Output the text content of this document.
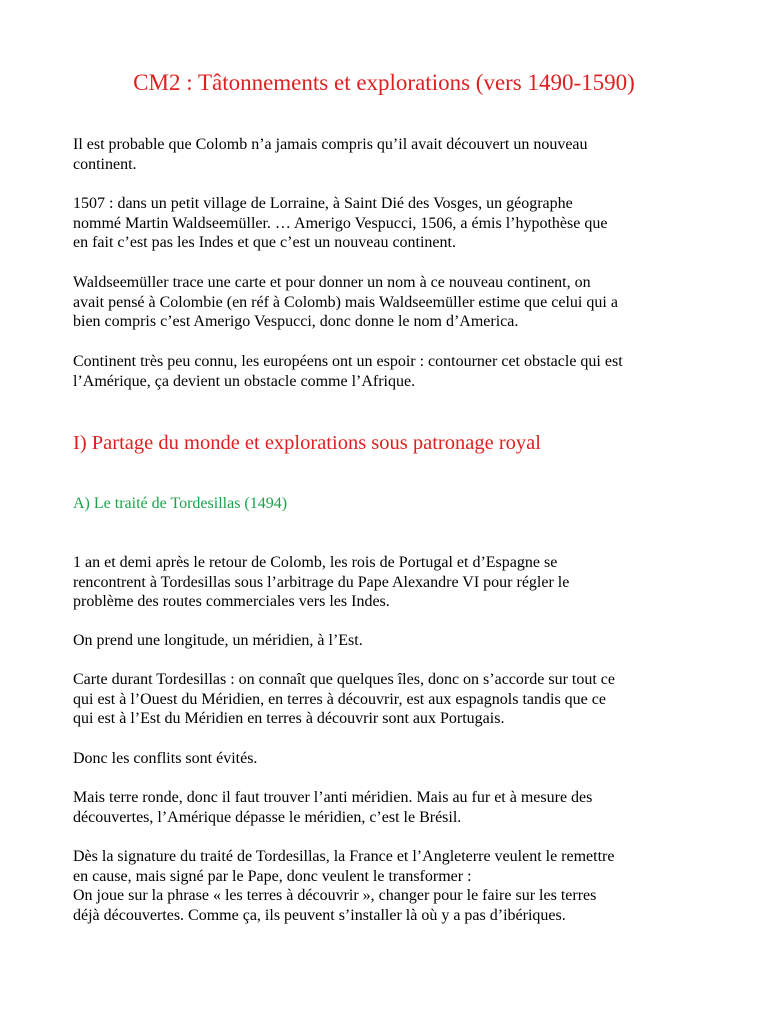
CM2 : Tâtonnements et explorations (vers 1490-1590)
Il est probable que Colomb n’a jamais compris qu’il avait découvert un nouveau
continent.
1507 : dans un petit village de Lorraine, à Saint Dié des Vosges, un géographe
nommé Martin Waldseemüller. … Amerigo Vespucci, 1506, a émis l’hypothèse que
en fait c’est pas les Indes et que c’est un nouveau continent.
Waldseemüller trace une carte et pour donner un nom à ce nouveau continent, on
avait pensé à Colombie (en réf à Colomb) mais Waldseemüller estime que celui qui a
bien compris c’est Amerigo Vespucci, donc donne le nom d’America.
Continent très peu connu, les européens ont un espoir : contourner cet obstacle qui est
l’Amérique, ça devient un obstacle comme l’Afrique.
I) Partage du monde et explorations sous patronage royal
A) Le traité de Tordesillas (1494)
1 an et demi après le retour de Colomb, les rois de Portugal et d’Espagne se
rencontrent à Tordesillas sous l’arbitrage du Pape Alexandre VI pour régler le
problème des routes commerciales vers les Indes.
On prend une longitude, un méridien, à l’Est.
Carte durant Tordesillas : on connaît que quelques îles, donc on s’accorde sur tout ce
qui est à l’Ouest du Méridien, en terres à découvrir, est aux espagnols tandis que ce
qui est à l’Est du Méridien en terres à découvrir sont aux Portugais.
Donc les conflits sont évités.
Mais terre ronde, donc il faut trouver l’anti méridien. Mais au fur et à mesure des
découvertes, l’Amérique dépasse le méridien, c’est le Brésil.
Dès la signature du traité de Tordesillas, la France et l’Angleterre veulent le remettre
en cause, mais signé par le Pape, donc veulent le transformer :
On joue sur la phrase « les terres à découvrir », changer pour le faire sur les terres
déjà découvertes. Comme ça, ils peuvent s’installer là où y a pas d’ibériques.
